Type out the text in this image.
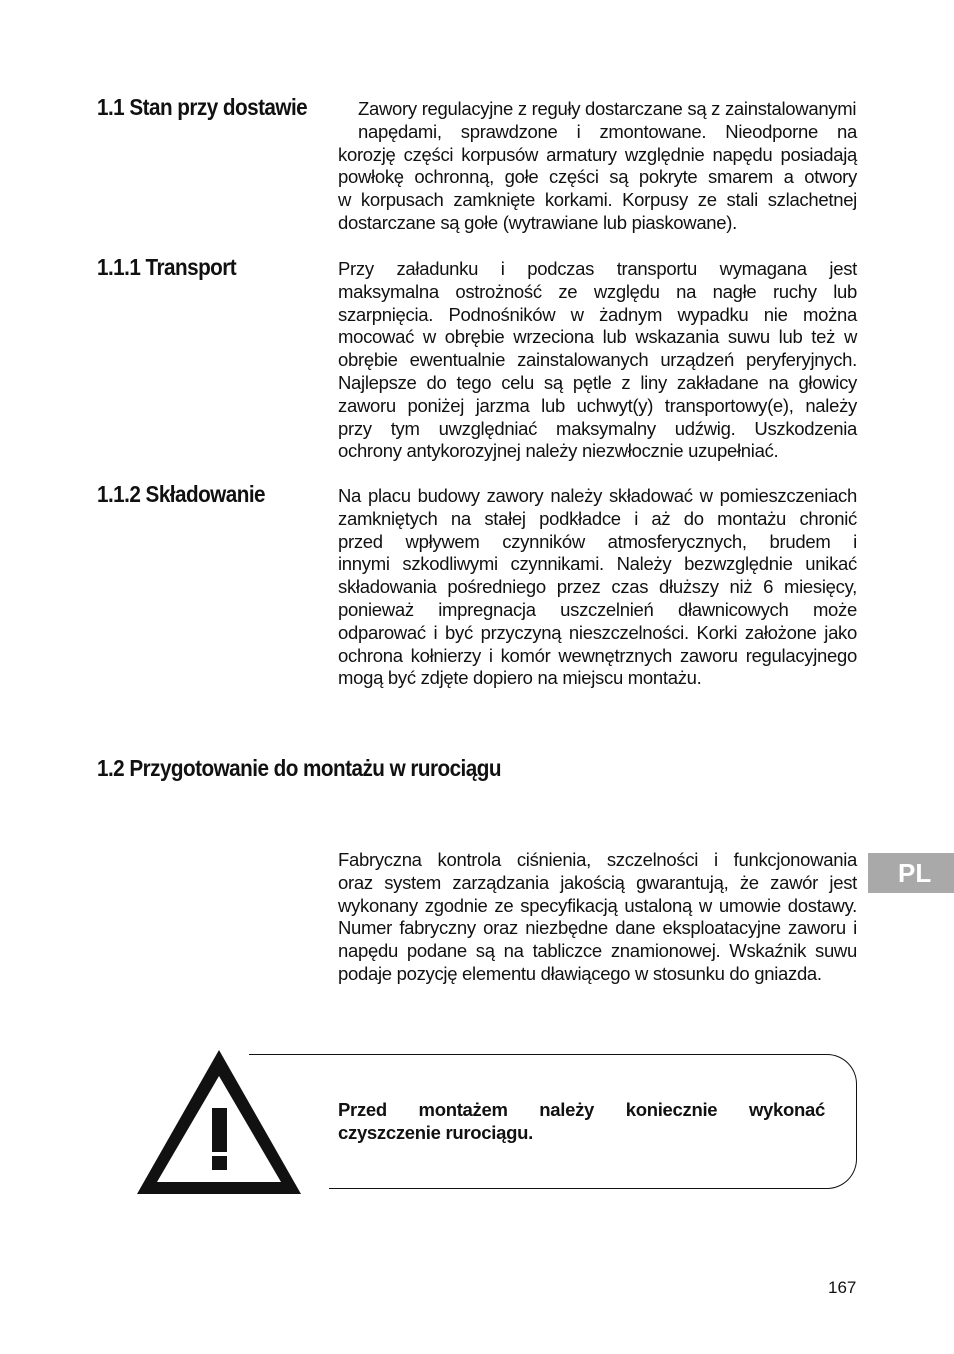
1.1 Stan przy dostawie	Zawory regulacyjne z reguły dostarczane są z zainstalowanymi
napędami, sprawdzone i zmontowane. Nieodporne na
korozję części korpusów armatury względnie napędu posiadają
powłokę ochronną, gołe części są pokryte smarem a otwory
w korpusach zamknięte korkami. Korpusy ze stali szlachetnej
dostarczane są gołe (wytrawiane lub piaskowane).
1.1.1 Transport	Przy załadunku i podczas transportu wymagana jest
maksymalna ostrożność ze względu na nagłe ruchy lub
szarpnięcia. Podnośników w żadnym wypadku nie można
mocować w obrębie wrzeciona lub wskazania suwu lub też w
obrębie ewentualnie zainstalowanych urządzeń peryferyjnych.
Najlepsze do tego celu są pętle z liny zakładane na głowicy
zaworu poniżej jarzma lub uchwyt(y) transportowy(e), należy
przy tym uwzględniać maksymalny udźwig. Uszkodzenia
ochrony antykorozyjnej należy niezwłocznie uzupełniać.
1.1.2 Składowanie	Na placu budowy zawory należy składować w pomieszczeniach
zamkniętych na stałej podkładce i aż do montażu chronić
przed wpływem czynników atmosferycznych, brudem i
innymi szkodliwymi czynnikami. Należy bezwzględnie unikać
składowania pośredniego przez czas dłuższy niż 6 miesięcy,
ponieważ impregnacja uszczelnień dławnicowych może
odparować i być przyczyną nieszczelności. Korki założone jako
ochrona kołnierzy i komór wewnętrznych zaworu regulacyjnego
mogą być zdjęte dopiero na miejscu montażu.
1.2 Przygotowanie do montażu w rurociągu
Fabryczna kontrola ciśnienia, szczelności i funkcjonowania
oraz system zarządzania jakością gwarantują, że zawór jest
wykonany zgodnie ze specyfikacją ustaloną w umowie dostawy.
Numer fabryczny oraz niezbędne dane eksploatacyjne zaworu i
napędu podane są na tabliczce znamionowej. Wskaźnik suwu
podaje pozycję elementu dławiącego w stosunku do gniazda.
PL
Przed montażem należy koniecznie wykonać
czyszczenie rurociągu.
167
